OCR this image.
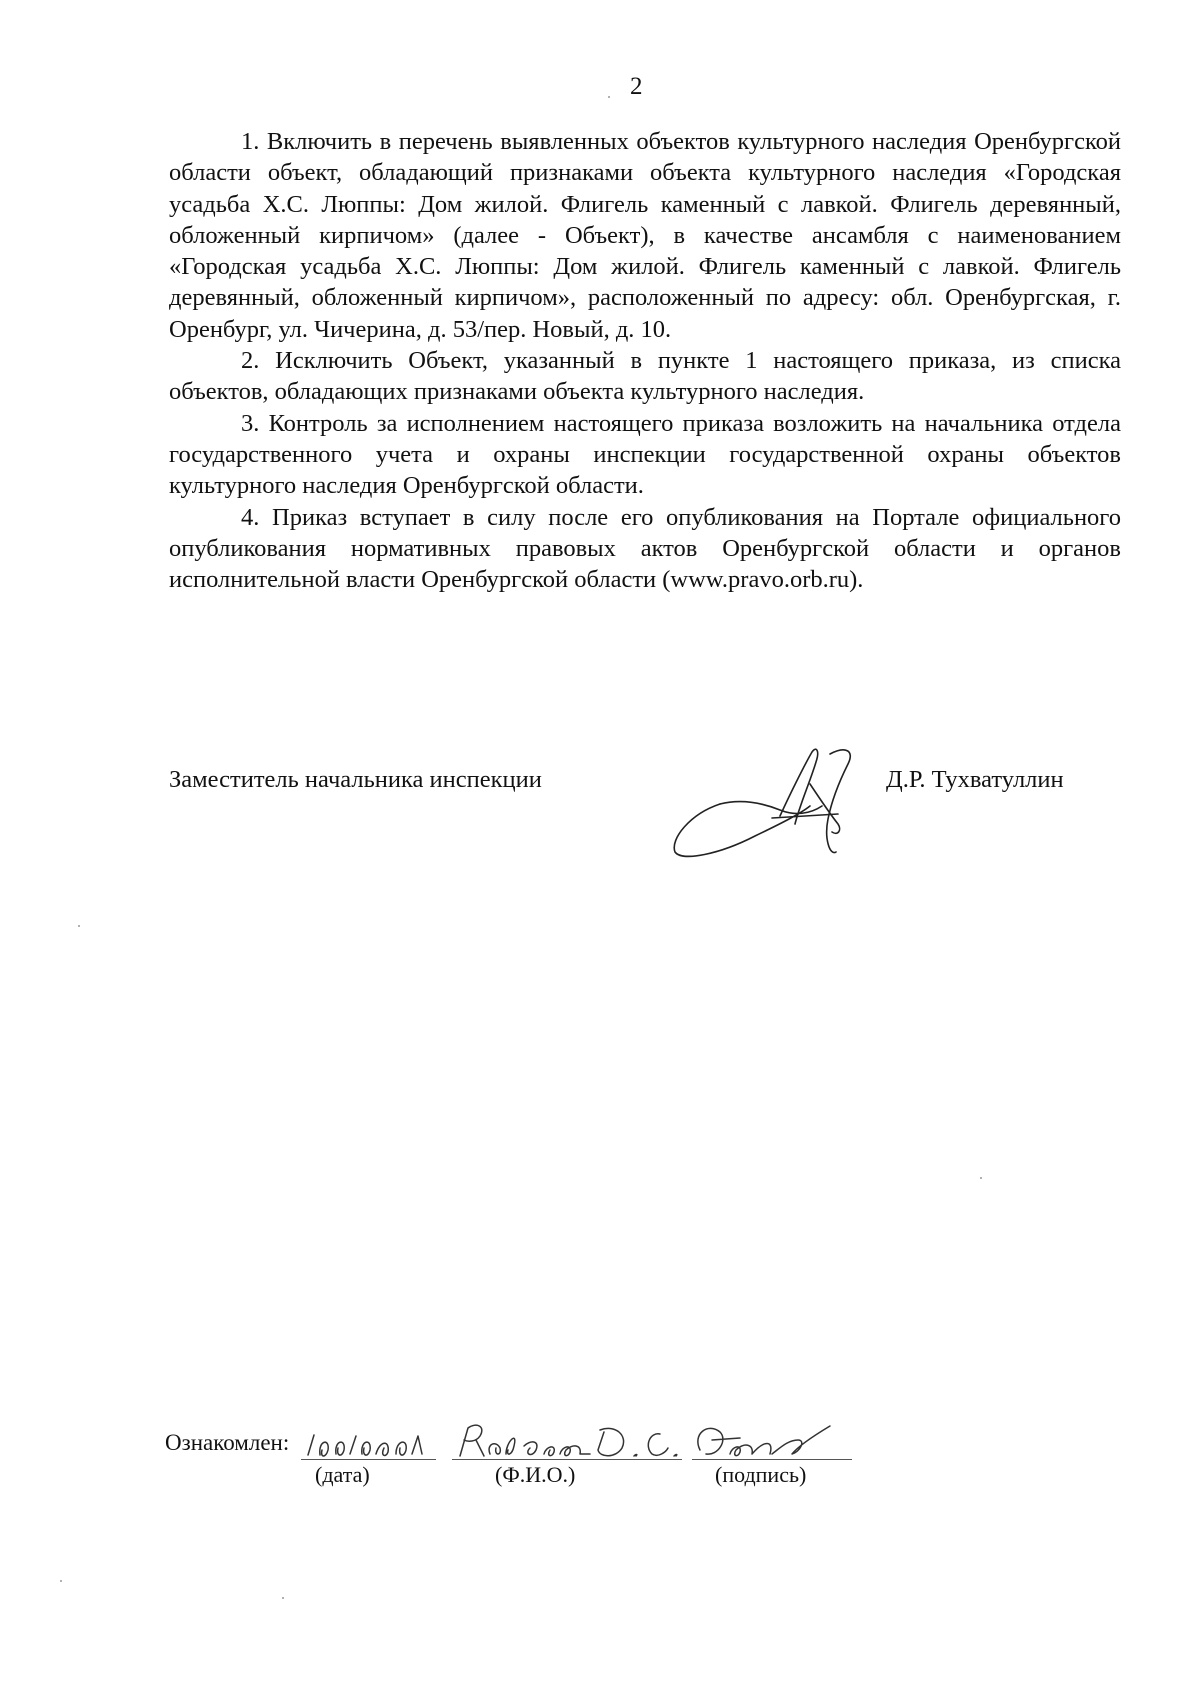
2

1. Включить в перечень выявленных объектов культурного наследия Оренбургской области объект, обладающий признаками объекта культурного наследия «Городская усадьба Х.С. Люппы: Дом жилой. Флигель каменный с лавкой. Флигель деревянный, обложенный кирпичом» (далее - Объект), в качестве ансамбля с наименованием «Городская усадьба Х.С. Люппы: Дом жилой. Флигель каменный с лавкой. Флигель деревянный, обложенный кирпичом», расположенный по адресу: обл. Оренбургская, г. Оренбург, ул. Чичерина, д. 53/пер. Новый, д. 10.

2. Исключить Объект, указанный в пункте 1 настоящего приказа, из списка объектов, обладающих признаками объекта культурного наследия.

3. Контроль за исполнением настоящего приказа возложить на начальника отдела государственного учета и охраны инспекции государственной охраны объектов культурного наследия Оренбургской области.

4. Приказ вступает в силу после его опубликования на Портале официального опубликования нормативных правовых актов Оренбургской области и органов исполнительной власти Оренбургской области (www.pravo.orb.ru).

Заместитель начальника инспекции	Д.Р. Тухватуллин
Ознакомлен:
(дата)	(Ф.И.О.)	(подпись)
